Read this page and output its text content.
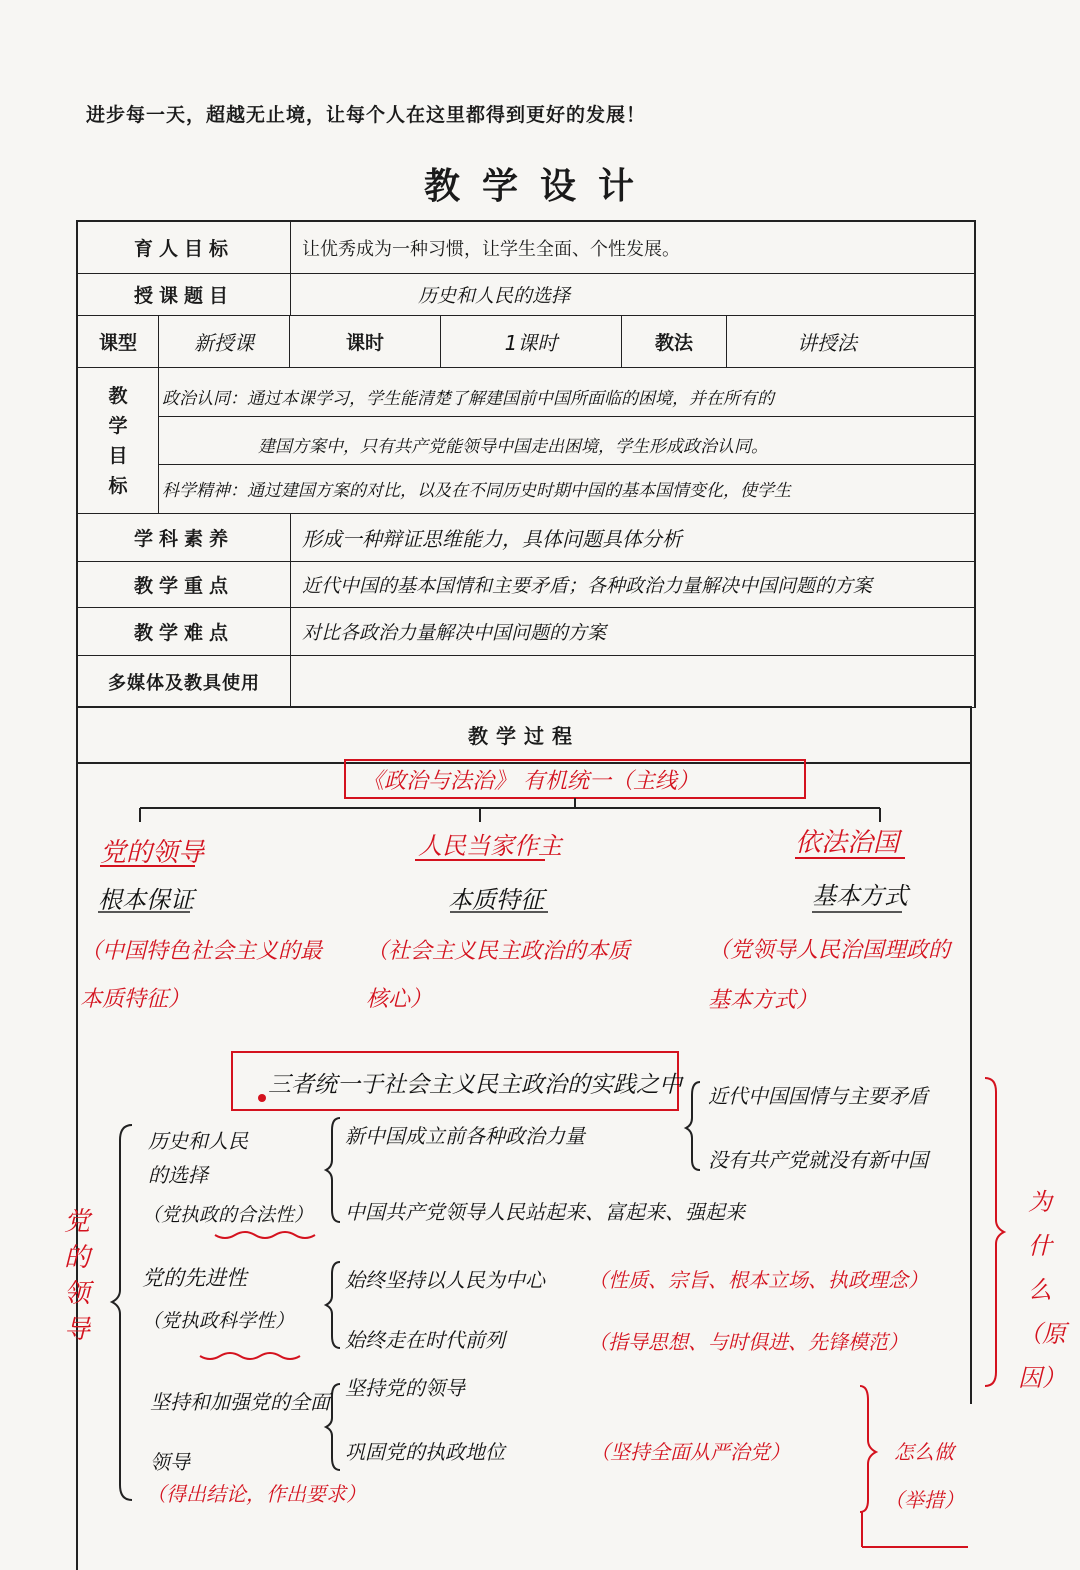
进步每一天，超越无止境，让每个人在这里都得到更好的发展！
教学设计
育人目标	让优秀成为一种习惯，让学生全面、个性发展。
授课题目	历史和人民的选择
课型	新授课	课时	1课时	教法	讲授法
教
学
目
标
政治认同：通过本课学习，学生能清楚了解建国前中国所面临的困境，并在所有的
建国方案中，只有共产党能领导中国走出困境，学生形成政治认同。
科学精神：通过建国方案的对比，以及在不同历史时期中国的基本国情变化，使学生
学科素养	形成一种辩证思维能力，具体问题具体分析
教学重点	近代中国的基本国情和主要矛盾；各种政治力量解决中国问题的方案
教学难点	对比各政治力量解决中国问题的方案
多媒体及教具使用
教学过程
《政治与法治》 有机统一（主线）
党的领导	人民当家作主	依法治国
根本保证	本质特征	基本方式
（中国特色社会主义的最本质特征）
（社会主义民主政治的本质核心）
（党领导人民治国理政的基本方式）
三者统一于社会主义民主政治的实践之中 近代中国国情与主要矛盾
没有共产党就没有新中国
为什么（原因）
党的领导
历史和人民的选择
（党执政的合法性）
新中国成立前各种政治力量
中国共产党领导人民站起来、富起来、强起来
党的先进性
（党执政科学性）
始终坚持以人民为中心
始终走在时代前列
（性质、宗旨、根本立场、执政理念）
（指导思想、与时俱进、先锋模范）
坚持和加强党的全面领导
（得出结论，作出要求）
坚持党的领导
巩固党的执政地位	（坚持全面从严治党）	怎么做（举措）
